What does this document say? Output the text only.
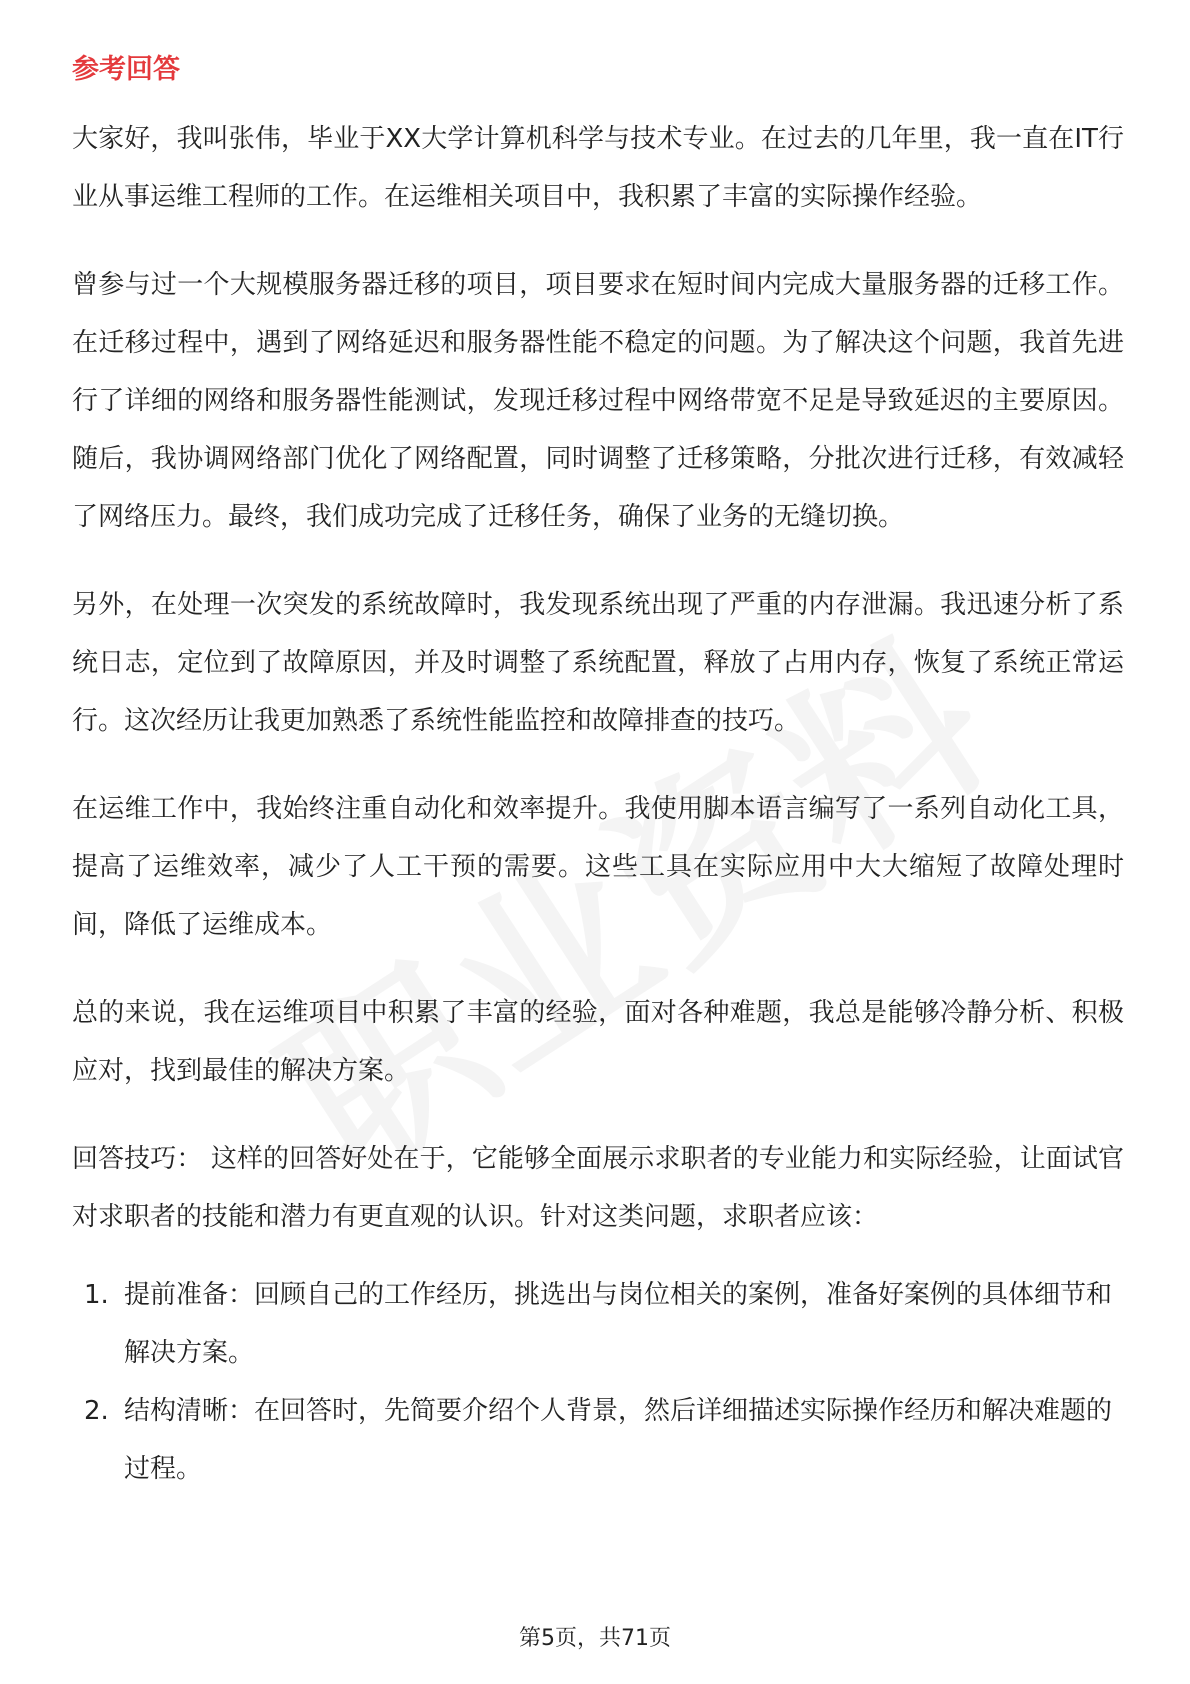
参考回答

大家好，我叫张伟，毕业于XX大学计算机科学与技术专业。在过去的几年里，我一直在IT行业从事运维工程师的工作。在运维相关项目中，我积累了丰富的实际操作经验。

曾参与过一个大规模服务器迁移的项目，项目要求在短时间内完成大量服务器的迁移工作。在迁移过程中，遇到了网络延迟和服务器性能不稳定的问题。为了解决这个问题，我首先进行了详细的网络和服务器性能测试，发现迁移过程中网络带宽不足是导致延迟的主要原因。随后，我协调网络部门优化了网络配置，同时调整了迁移策略，分批次进行迁移，有效减轻了网络压力。最终，我们成功完成了迁移任务，确保了业务的无缝切换。

另外，在处理一次突发的系统故障时，我发现系统出现了严重的内存泄漏。我迅速分析了系统日志，定位到了故障原因，并及时调整了系统配置，释放了占用内存，恢复了系统正常运行。这次经历让我更加熟悉了系统性能监控和故障排查的技巧。

在运维工作中，我始终注重自动化和效率提升。我使用脚本语言编写了一系列自动化工具，提高了运维效率，减少了人工干预的需要。这些工具在实际应用中大大缩短了故障处理时间，降低了运维成本。

总的来说，我在运维项目中积累了丰富的经验，面对各种难题，我总是能够冷静分析、积极应对，找到最佳的解决方案。

回答技巧： 这样的回答好处在于，它能够全面展示求职者的专业能力和实际经验，让面试官对求职者的技能和潜力有更直观的认识。针对这类问题，求职者应该：

1. 提前准备：回顾自己的工作经历，挑选出与岗位相关的案例，准备好案例的具体细节和解决方案。
2. 结构清晰：在回答时，先简要介绍个人背景，然后详细描述实际操作经历和解决难题的过程。
第5页，共71页
